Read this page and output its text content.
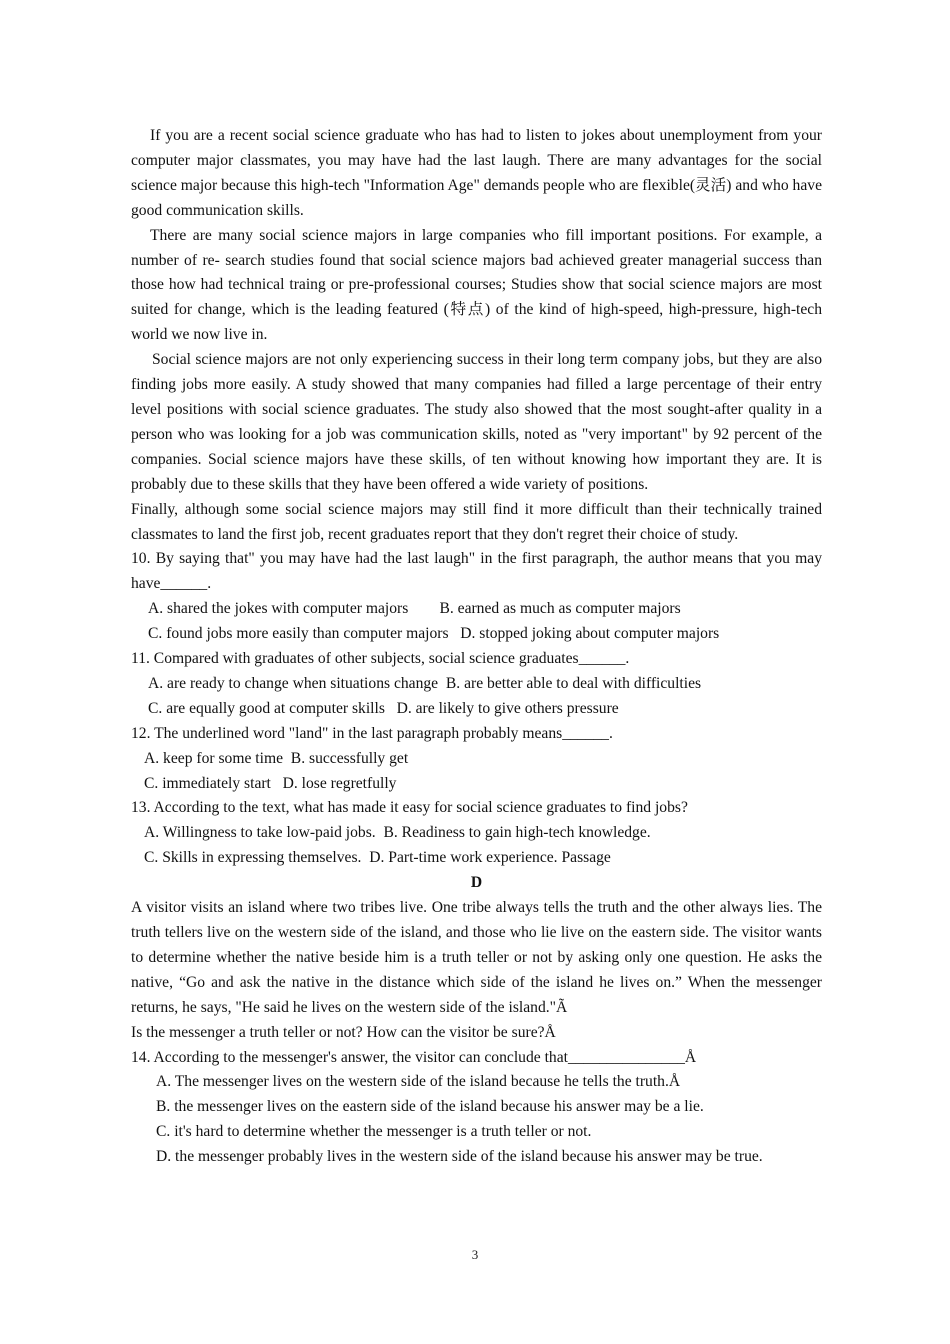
If you are a recent social science graduate who has had to listen to jokes about unemployment from your computer major classmates, you may have had the last laugh. There are many advantages for the social science major because this high-tech "Information Age" demands people who are flexible(灵活) and who have good communication skills.

There are many social science majors in large companies who fill important positions. For example, a number of re- search studies found that social science majors bad achieved greater managerial success than those how had technical traing or pre-professional courses; Studies show that social science majors are most suited for change, which is the leading featured (特点) of the kind of high-speed, high-pressure, high-tech world we now live in.

Social science majors are not only experiencing success in their long term company jobs, but they are also finding jobs more easily. A study showed that many companies had filled a large percentage of their entry level positions with social science graduates. The study also showed that the most sought-after quality in a person who was looking for a job was communication skills, noted as "very important" by 92 percent of the companies. Social science majors have these skills, of ten without knowing how important they are. It is probably due to these skills that they have been offered a wide variety of positions.

Finally, although some social science majors may still find it more difficult than their technically trained classmates to land the first job, recent graduates report that they don't regret their choice of study.

10. By saying that" you may have had the last laugh" in the first paragraph, the author means that you may have______.

A. shared the jokes with computer majors        B. earned as much as computer majors

C. found jobs more easily than computer majors   D. stopped joking about computer majors

11. Compared with graduates of other subjects, social science graduates______.

A. are ready to change when situations change  B. are better able to deal with difficulties

C. are equally good at computer skills   D. are likely to give others pressure

12. The underlined word "land" in the last paragraph probably means______.

A. keep for some time  B. successfully get

C. immediately start   D. lose regretfully

13. According to the text, what has made it easy for social science graduates to find jobs?

A. Willingness to take low-paid jobs.  B. Readiness to gain high-tech knowledge.

C. Skills in expressing themselves.  D. Part-time work experience. Passage

D

A visitor visits an island where two tribes live. One tribe always tells the truth and the other always lies. The truth tellers live on the western side of the island, and those who lie live on the eastern side. The visitor wants to determine whether the native beside him is a truth teller or not by asking only one question. He asks the native, “Go and ask the native in the distance which side of the island he lives on.” When the messenger returns, he says, "He said he lives on the western side of the island."Ã

Is the messenger a truth teller or not? How can the visitor be sure?Å

14. According to the messenger's answer, the visitor can conclude that_______________Å

A. The messenger lives on the western side of the island because he tells the truth.Å

B. the messenger lives on the eastern side of the island because his answer may be a lie.

C. it's hard to determine whether the messenger is a truth teller or not.

D. the messenger probably lives in the western side of the island because his answer may be true.

3
